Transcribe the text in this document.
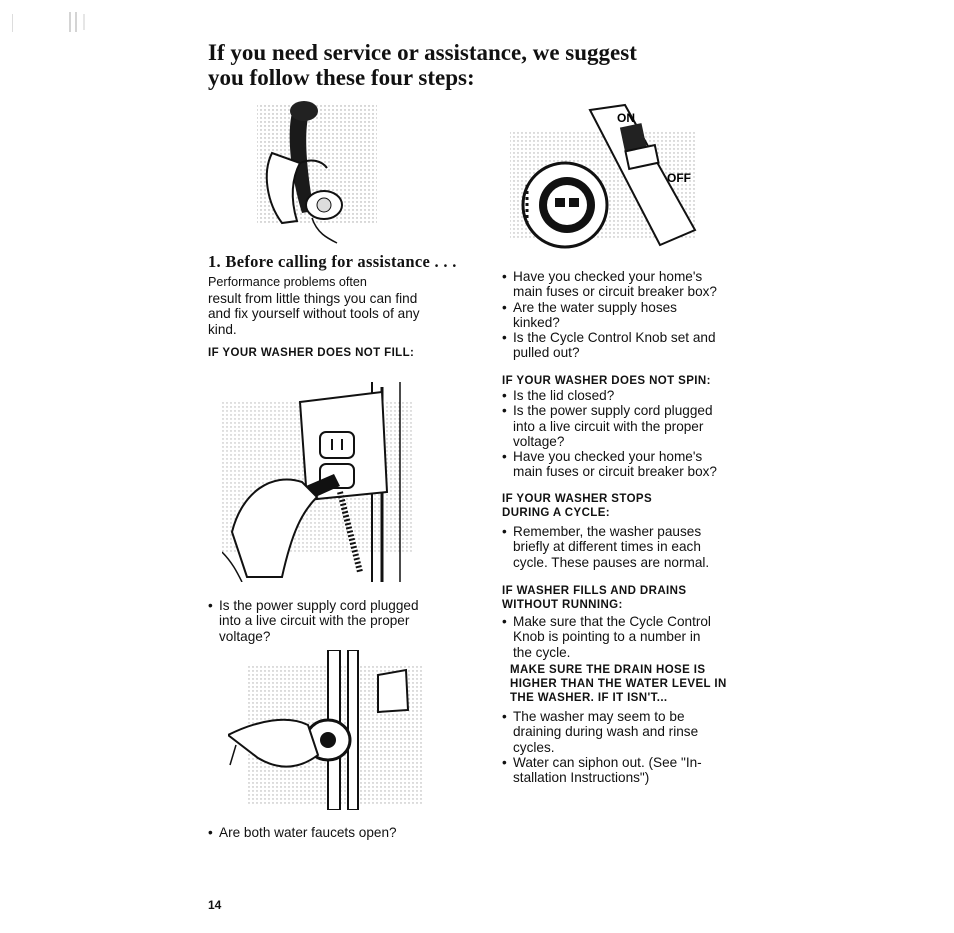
If you need service or assistance, we suggest
you follow these four steps:
ON
OFF
1. Before calling for assistance . . .
Performance problems often
result from little things you can find
and fix yourself without tools of any
kind.
IF YOUR WASHER DOES NOT FILL:
• Is the power supply cord plugged
into a live circuit with the proper
voltage?
• Are both water faucets open?
• Have you checked your home's
main fuses or circuit breaker box?
• Are the water supply hoses
kinked?
• Is the Cycle Control Knob set and
pulled out?
IF YOUR WASHER DOES NOT SPIN:
• Is the lid closed?
• Is the power supply cord plugged
into a live circuit with the proper
voltage?
• Have you checked your home's
main fuses or circuit breaker box?
IF YOUR WASHER STOPS
DURING A CYCLE:
• Remember, the washer pauses
briefly at different times in each
cycle. These pauses are normal.
IF WASHER FILLS AND DRAINS
WITHOUT RUNNING:
• Make sure that the Cycle Control
Knob is pointing to a number in
the cycle.
MAKE SURE THE DRAIN HOSE IS
HIGHER THAN THE WATER LEVEL IN
THE WASHER. IF IT ISN'T...
• The washer may seem to be
draining during wash and rinse
cycles.
• Water can siphon out. (See "In-
stallation Instructions")
14
